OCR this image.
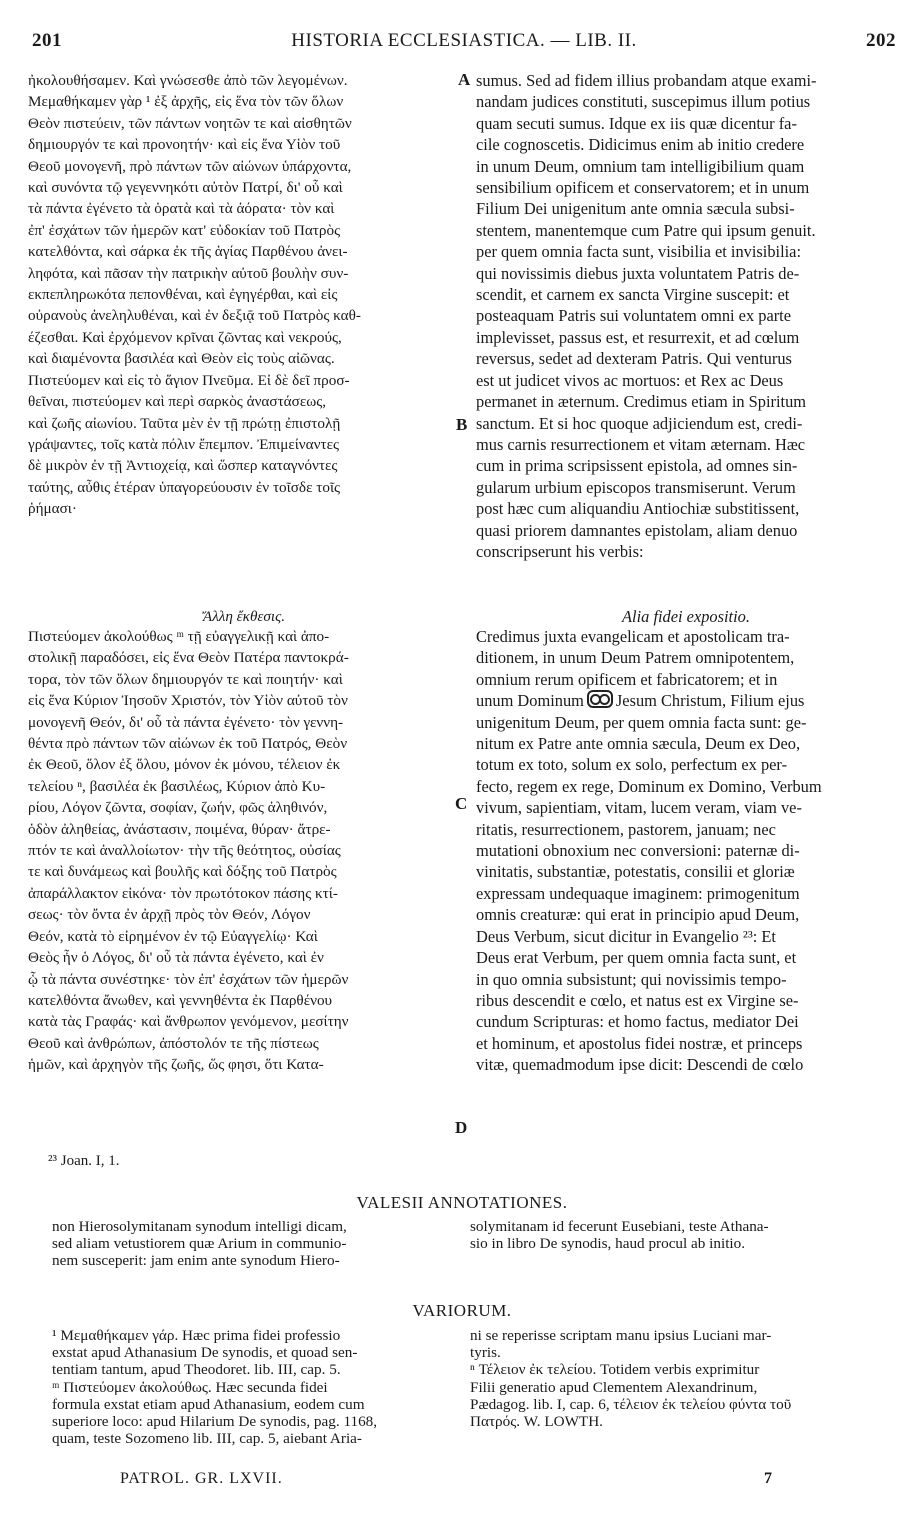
201	HISTORIA ECCLESIASTICA. — LIB. II.	202
A
B
C
D
ἠκολουθήσαμεν. Καὶ γνώσεσθε ἀπὸ τῶν λεγομένων.
Μεμαθήκαμεν γὰρ ¹ ἐξ ἀρχῆς, εἰς ἕνα τὸν τῶν ὅλων
Θεὸν πιστεύειν, τῶν πάντων νοητῶν τε καὶ αἰσθητῶν
δημιουργόν τε καὶ προνοητήν· καὶ εἰς ἕνα Υἱὸν τοῦ
Θεοῦ μονογενῆ, πρὸ πάντων τῶν αἰώνων ὑπάρχοντα,
καὶ συνόντα τῷ γεγεννηκότι αὐτὸν Πατρί, δι' οὗ καὶ
τὰ πάντα ἐγένετο τὰ ὁρατὰ καὶ τὰ ἀόρατα· τὸν καὶ
ἐπ' ἐσχάτων τῶν ἡμερῶν κατ' εὐδοκίαν τοῦ Πατρὸς
κατελθόντα, καὶ σάρκα ἐκ τῆς ἁγίας Παρθένου ἀνει-
ληφότα, καὶ πᾶσαν τὴν πατρικὴν αὐτοῦ βουλὴν συν-
εκπεπληρωκότα πεπονθέναι, καὶ ἐγηγέρθαι, καὶ εἰς
οὐρανοὺς ἀνεληλυθέναι, καὶ ἐν δεξιᾷ τοῦ Πατρὸς καθ-
έζεσθαι. Καὶ ἐρχόμενον κρῖναι ζῶντας καὶ νεκρούς,
καὶ διαμένοντα βασιλέα καὶ Θεὸν εἰς τοὺς αἰῶνας.
Πιστεύομεν καὶ εἰς τὸ ἅγιον Πνεῦμα. Εἰ δὲ δεῖ προσ-
θεῖναι, πιστεύομεν καὶ περὶ σαρκὸς ἀναστάσεως,
καὶ ζωῆς αἰωνίου. Ταῦτα μὲν ἐν τῇ πρώτῃ ἐπιστολῇ
γράψαντες, τοῖς κατὰ πόλιν ἔπεμπον. Ἐπιμείναντες
δὲ μικρὸν ἐν τῇ Ἀντιοχείᾳ, καὶ ὥσπερ καταγνόντες
ταύτης, αὖθις ἑτέραν ὑπαγορεύουσιν ἐν τοῖσδε τοῖς
ῥήμασι·
sumus. Sed ad fidem illius probandam atque exami-
nandam judices constituti, suscepimus illum potius
quam secuti sumus. Idque ex iis quæ dicentur fa-
cile cognoscetis. Didicimus enim ab initio credere
in unum Deum, omnium tam intelligibilium quam
sensibilium opificem et conservatorem; et in unum
Filium Dei unigenitum ante omnia sæcula subsi-
stentem, manentemque cum Patre qui ipsum genuit.
per quem omnia facta sunt, visibilia et invisibilia:
qui novissimis diebus juxta voluntatem Patris de-
scendit, et carnem ex sancta Virgine suscepit: et
posteaquam Patris sui voluntatem omni ex parte
implevisset, passus est, et resurrexit, et ad cœlum
reversus, sedet ad dexteram Patris. Qui venturus
est ut judicet vivos ac mortuos: et Rex ac Deus
permanet in æternum. Credimus etiam in Spiritum
sanctum. Et si hoc quoque adjiciendum est, credi-
mus carnis resurrectionem et vitam æternam. Hæc
cum in prima scripsissent epistola, ad omnes sin-
gularum urbium episcopos transmiserunt. Verum
post hæc cum aliquandiu Antiochiæ substitissent,
quasi priorem damnantes epistolam, aliam denuo
conscripserunt his verbis:
Ἄλλη ἔκθεσις.	Alia fidei expositio.
Πιστεύομεν ἀκολούθως ᵐ τῇ εὐαγγελικῇ καὶ ἀπο-
στολικῇ παραδόσει, εἰς ἕνα Θεὸν Πατέρα παντοκρά-
τορα, τὸν τῶν ὅλων δημιουργόν τε καὶ ποιητήν· καὶ
εἰς ἕνα Κύριον Ἰησοῦν Χριστόν, τὸν Υἱὸν αὐτοῦ τὸν
μονογενῆ Θεόν, δι' οὗ τὰ πάντα ἐγένετο· τὸν γεννη-
θέντα πρὸ πάντων τῶν αἰώνων ἐκ τοῦ Πατρός, Θεὸν
ἐκ Θεοῦ, ὅλον ἐξ ὅλου, μόνον ἐκ μόνου, τέλειον ἐκ
τελείου ⁿ, βασιλέα ἐκ βασιλέως, Κύριον ἀπὸ Κυ-
ρίου, Λόγον ζῶντα, σοφίαν, ζωήν, φῶς ἀληθινόν,
ὁδὸν ἀληθείας, ἀνάστασιν, ποιμένα, θύραν· ἄτρε-
πτόν τε καὶ ἀναλλοίωτον· τὴν τῆς θεότητος, οὐσίας
τε καὶ δυνάμεως καὶ βουλῆς καὶ δόξης τοῦ Πατρὸς
ἀπαράλλακτον εἰκόνα· τὸν πρωτότοκον πάσης κτί-
σεως· τὸν ὄντα ἐν ἀρχῇ πρὸς τὸν Θεόν, Λόγον
Θεόν, κατὰ τὸ εἰρημένον ἐν τῷ Εὐαγγελίῳ· Καὶ
Θεὸς ἦν ὁ Λόγος, δι' οὗ τὰ πάντα ἐγένετο, καὶ ἐν
ᾧ τὰ πάντα συνέστηκε· τὸν ἐπ' ἐσχάτων τῶν ἡμερῶν
κατελθόντα ἄνωθεν, καὶ γεννηθέντα ἐκ Παρθένου
κατὰ τὰς Γραφάς· καὶ ἄνθρωπον γενόμενον, μεσίτην
Θεοῦ καὶ ἀνθρώπων, ἀπόστολόν τε τῆς πίστεως
ἡμῶν, καὶ ἀρχηγὸν τῆς ζωῆς, ὥς φησι, ὅτι Κατα-
Credimus juxta evangelicam et apostolicam tra-
ditionem, in unum Deum Patrem omnipotentem,
omnium rerum opificem et fabricatorem; et in
unum Dominum Jesum Christum, Filium ejus
unigenitum Deum, per quem omnia facta sunt: ge-
nitum ex Patre ante omnia sæcula, Deum ex Deo,
totum ex toto, solum ex solo, perfectum ex per-
fecto, regem ex rege, Dominum ex Domino, Verbum
vivum, sapientiam, vitam, lucem veram, viam ve-
ritatis, resurrectionem, pastorem, januam; nec
mutationi obnoxium nec conversioni: paternæ di-
vinitatis, substantiæ, potestatis, consilii et gloriæ
expressam undequaque imaginem: primogenitum
omnis creaturæ: qui erat in principio apud Deum,
Deus Verbum, sicut dicitur in Evangelio ²³: Et
Deus erat Verbum, per quem omnia facta sunt, et
in quo omnia subsistunt; qui novissimis tempo-
ribus descendit e cœlo, et natus est ex Virgine se-
cundum Scripturas: et homo factus, mediator Dei
et hominum, et apostolus fidei nostræ, et princeps
vitæ, quemadmodum ipse dicit: Descendi de cœlo
²³ Joan. I, 1.
VALESII ANNOTATIONES.
non Hierosolymitanam synodum intelligi dicam,
sed aliam vetustiorem quæ Arium in communio-
nem susceperit: jam enim ante synodum Hiero-
solymitanam id fecerunt Eusebiani, teste Athana-
sio in libro De synodis, haud procul ab initio.
VARIORUM.
¹ Μεμαθήκαμεν γάρ. Hæc prima fidei professio
exstat apud Athanasium De synodis, et quoad sen-
tentiam tantum, apud Theodoret. lib. III, cap. 5.
ᵐ Πιστεύομεν ἀκολούθως. Hæc secunda fidei
formula exstat etiam apud Athanasium, eodem cum
superiore loco: apud Hilarium De synodis, pag. 1168,
quam, teste Sozomeno lib. III, cap. 5, aiebant Aria-
ni se reperisse scriptam manu ipsius Luciani mar-
tyris.
ⁿ Τέλειον ἐκ τελείου. Totidem verbis exprimitur
Filii generatio apud Clementem Alexandrinum,
Pædagog. lib. I, cap. 6, τέλειον ἐκ τελείου φύντα τοῦ
Πατρός. W. LOWTH.
PATROL. GR. LXVII.	7
